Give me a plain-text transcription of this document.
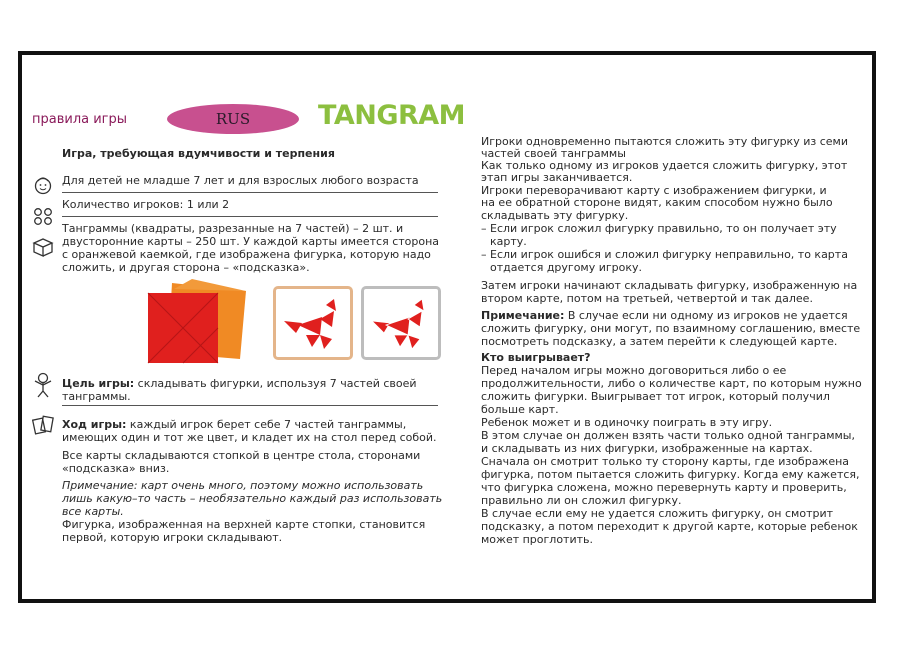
правила игры	RUS	TANGRAM
Игра, требующая вдумчивости и терпения
Для детей не младше 7 лет и для взрослых любого возраста
Количество игроков: 1 или 2
Танграммы (квадраты, разрезанные на 7 частей) – 2 шт. и
двусторонние карты – 250 шт. У каждой карты имеется сторона
с оранжевой каемкой, где изображена фигурка, которую надо
сложить, и другая сторона – «подсказка».
Цель игры: складывать фигурки, используя 7 частей своей
танграммы.
Ход игры: каждый игрок берет себе 7 частей танграммы,
имеющих один и тот же цвет, и кладет их на стол перед собой.
Все карты складываются стопкой в центре стола, сторонами
«подсказка» вниз.
Примечание: карт очень много, поэтому можно использовать
лишь какую–то часть – необязательно каждый раз использовать
все карты.
Фигурка, изображенная на верхней карте стопки, становится
первой, которую игроки складывают.
Игроки одновременно пытаются сложить эту фигурку из семи
частей своей танграммы
Как только одному из игроков удается сложить фигурку, этот
этап игры заканчивается.
Игроки переворачивают карту с изображением фигурки, и
на ее обратной стороне видят, каким способом нужно было
складывать эту фигурку.
– Если игрок сложил фигурку правильно, то он получает эту
карту.
– Если игрок ошибся и сложил фигурку неправильно, то карта
отдается другому игроку.
Затем игроки начинают складывать фигурку, изображенную на
втором карте, потом на третьей, четвертой и так далее.
Примечание: В случае если ни одному из игроков не удается
сложить фигурку, они могут, по взаимному соглашению, вместе
посмотреть подсказку, а затем перейти к следующей карте.
Кто выигрывает?
Перед началом игры можно договориться либо о ее
продолжительности, либо о количестве карт, по которым нужно
сложить фигурки. Выигрывает тот игрок, который получил
больше карт.
Ребенок может и в одиночку поиграть в эту игру.
В этом случае он должен взять части только одной танграммы,
и складывать из них фигурки, изображенные на картах.
Сначала он смотрит только ту сторону карты, где изображена
фигурка, потом пытается сложить фигурку. Когда ему кажется,
что фигурка сложена, можно перевернуть карту и проверить,
правильно ли он сложил фигурку.
В случае если ему не удается сложить фигурку, он смотрит
подсказку, а потом переходит к другой карте, которые ребенок
может проглотить.
